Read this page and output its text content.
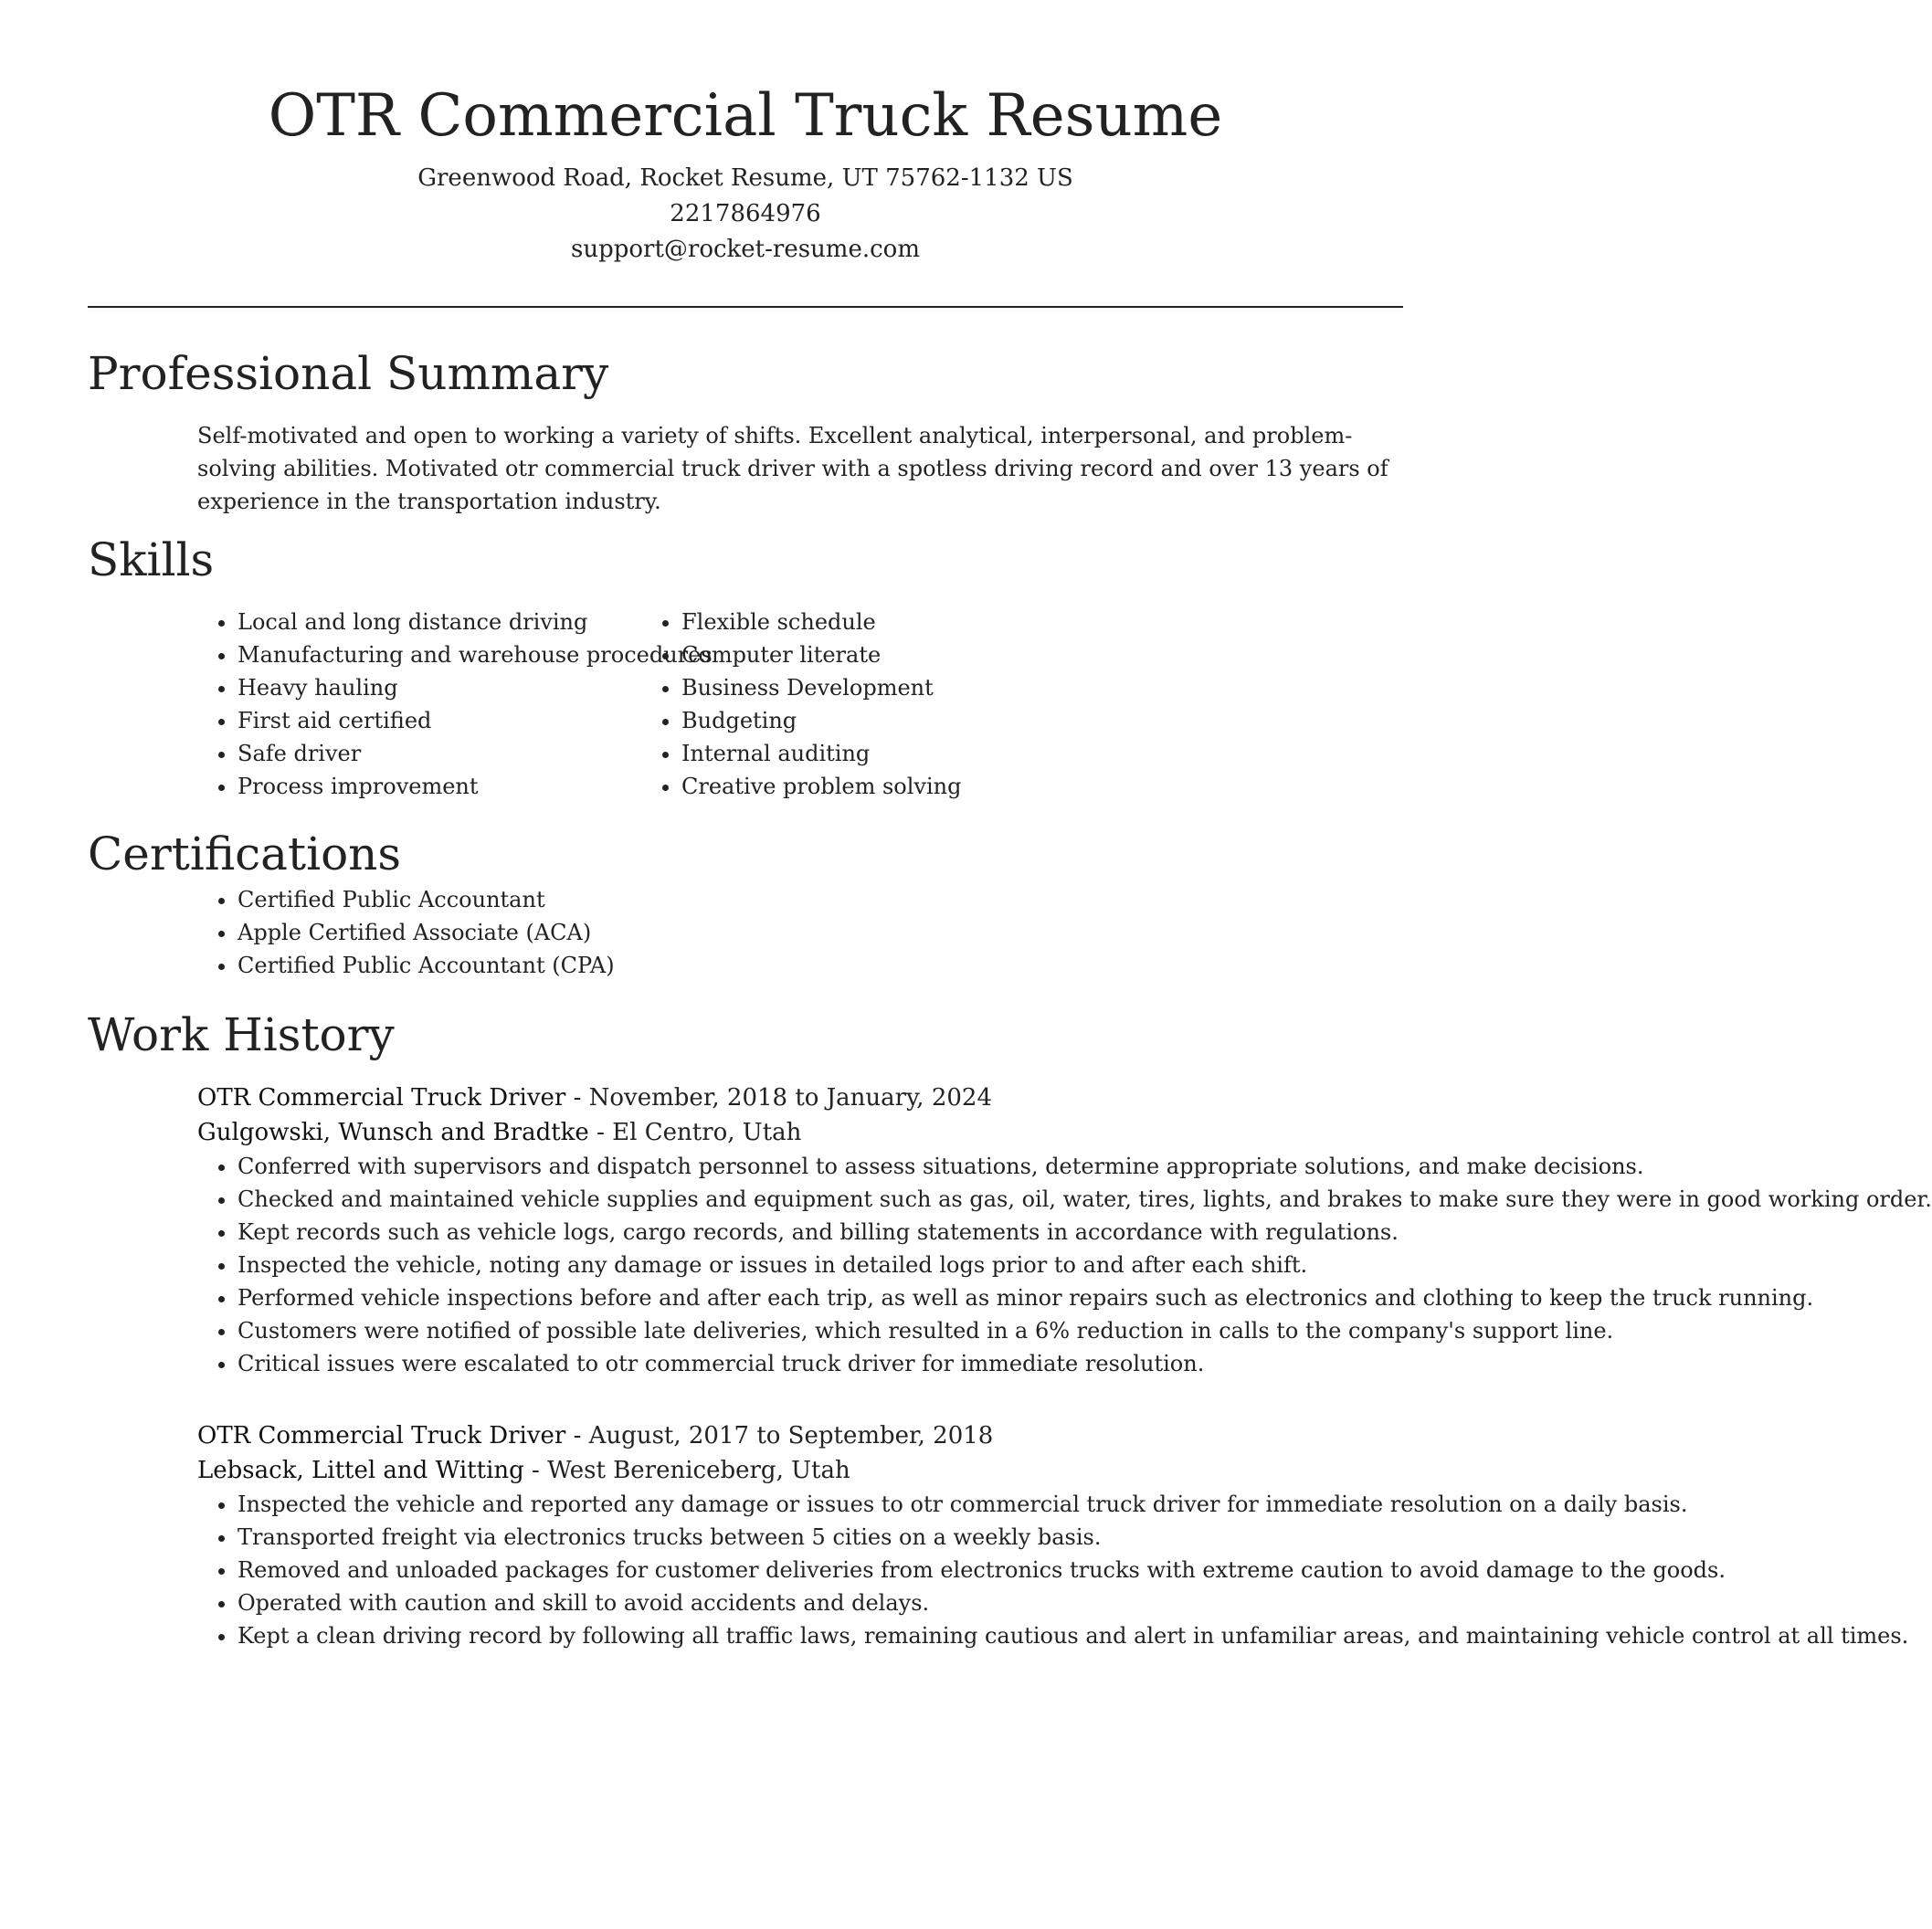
OTR Commercial Truck Resume
Greenwood Road, Rocket Resume, UT 75762-1132 US
2217864976
support@rocket-resume.com
Professional Summary

Self-motivated and open to working a variety of shifts. Excellent analytical, interpersonal, and problem-solving abilities. Motivated otr commercial truck driver with a spotless driving record and over 13 years of experience in the transportation industry.

Skills
• Local and long distance driving
• Manufacturing and warehouse procedures
• Heavy hauling
• First aid certified
• Safe driver
• Process improvement
• Flexible schedule
• Computer literate
• Business Development
• Budgeting
• Internal auditing
• Creative problem solving
Certifications
• Certified Public Accountant
• Apple Certified Associate (ACA)
• Certified Public Accountant (CPA)
Work History
OTR Commercial Truck Driver - November, 2018 to January, 2024
Gulgowski, Wunsch and Bradtke - El Centro, Utah
• Conferred with supervisors and dispatch personnel to assess situations, determine appropriate solutions, and make decisions.
• Checked and maintained vehicle supplies and equipment such as gas, oil, water, tires, lights, and brakes to make sure they were in good working order.
• Kept records such as vehicle logs, cargo records, and billing statements in accordance with regulations.
• Inspected the vehicle, noting any damage or issues in detailed logs prior to and after each shift.
• Performed vehicle inspections before and after each trip, as well as minor repairs such as electronics and clothing to keep the truck running.
• Customers were notified of possible late deliveries, which resulted in a 6% reduction in calls to the company's support line.
• Critical issues were escalated to otr commercial truck driver for immediate resolution.
OTR Commercial Truck Driver - August, 2017 to September, 2018
Lebsack, Littel and Witting - West Bereniceberg, Utah
• Inspected the vehicle and reported any damage or issues to otr commercial truck driver for immediate resolution on a daily basis.
• Transported freight via electronics trucks between 5 cities on a weekly basis.
• Removed and unloaded packages for customer deliveries from electronics trucks with extreme caution to avoid damage to the goods.
• Operated with caution and skill to avoid accidents and delays.
• Kept a clean driving record by following all traffic laws, remaining cautious and alert in unfamiliar areas, and maintaining vehicle control at all times.
